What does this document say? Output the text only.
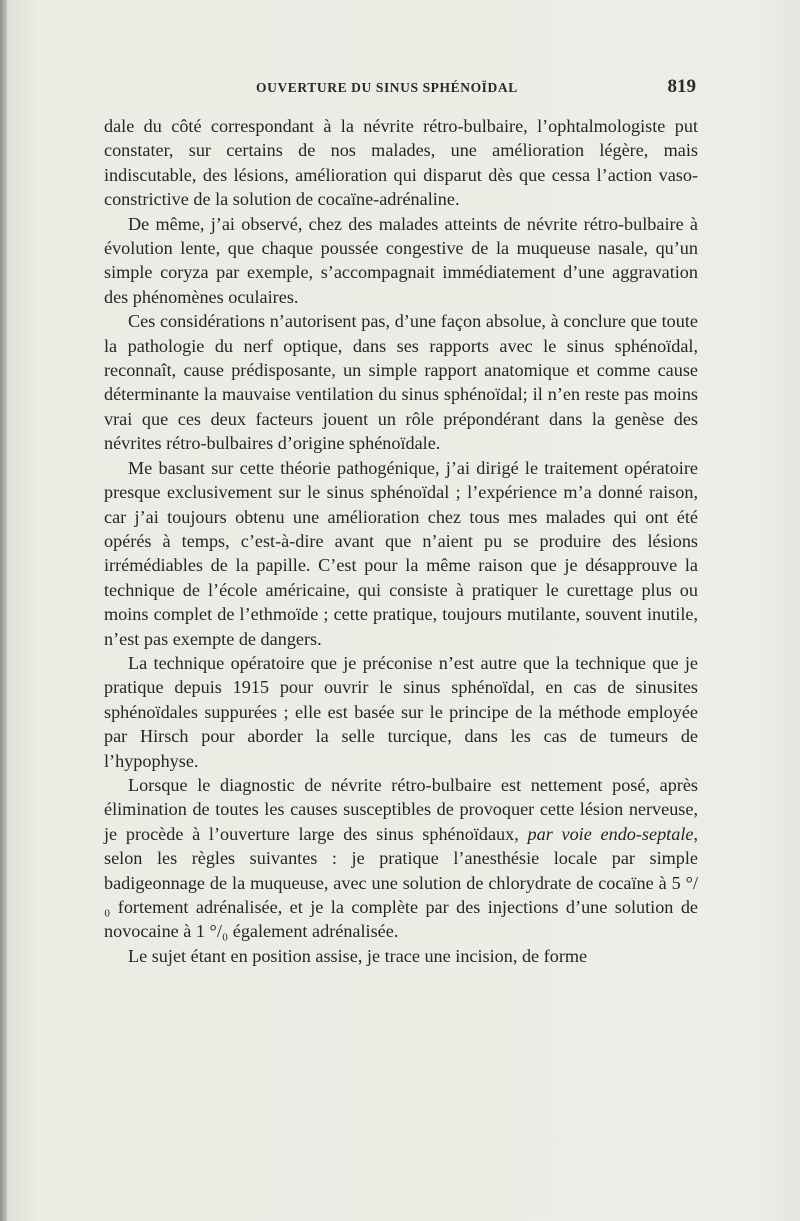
OUVERTURE DU SINUS SPHÉNOÏDAL	819

dale du côté correspondant à la névrite rétro-bulbaire, l’ophtalmologiste put constater, sur certains de nos malades, une amélioration légère, mais indiscutable, des lésions, amélioration qui disparut dès que cessa l’action vaso-constrictive de la solution de cocaïne-adrénaline.

De même, j’ai observé, chez des malades atteints de névrite rétro-bulbaire à évolution lente, que chaque poussée congestive de la muqueuse nasale, qu’un simple coryza par exemple, s’accompagnait immédiatement d’une aggravation des phénomènes oculaires.

Ces considérations n’autorisent pas, d’une façon absolue, à conclure que toute la pathologie du nerf optique, dans ses rapports avec le sinus sphénoïdal, reconnaît, cause prédisposante, un simple rapport anatomique et comme cause déterminante la mauvaise ventilation du sinus sphénoïdal; il n’en reste pas moins vrai que ces deux facteurs jouent un rôle prépondérant dans la genèse des névrites rétro-bulbaires d’origine sphénoïdale.

Me basant sur cette théorie pathogénique, j’ai dirigé le traitement opératoire presque exclusivement sur le sinus sphénoïdal ; l’expérience m’a donné raison, car j’ai toujours obtenu une amélioration chez tous mes malades qui ont été opérés à temps, c’est-à-dire avant que n’aient pu se produire des lésions irrémédiables de la papille. C’est pour la même raison que je désapprouve la technique de l’école américaine, qui consiste à pratiquer le curettage plus ou moins complet de l’ethmoïde ; cette pratique, toujours mutilante, souvent inutile, n’est pas exempte de dangers.

La technique opératoire que je préconise n’est autre que la technique que je pratique depuis 1915 pour ouvrir le sinus sphénoïdal, en cas de sinusites sphénoïdales suppurées ; elle est basée sur le principe de la méthode employée par Hirsch pour aborder la selle turcique, dans les cas de tumeurs de l’hypophyse.

Lorsque le diagnostic de névrite rétro-bulbaire est nettement posé, après élimination de toutes les causes susceptibles de provoquer cette lésion nerveuse, je procède à l’ouverture large des sinus sphénoïdaux, par voie endo-septale, selon les règles suivantes : je pratique l’anesthésie locale par simple badigeonnage de la muqueuse, avec une solution de chlorydrate de cocaïne à 5 °/₀ fortement adrénalisée, et je la complète par des injections d’une solution de novocaine à 1 °/₀ également adrénalisée.

Le sujet étant en position assise, je trace une incision, de forme
